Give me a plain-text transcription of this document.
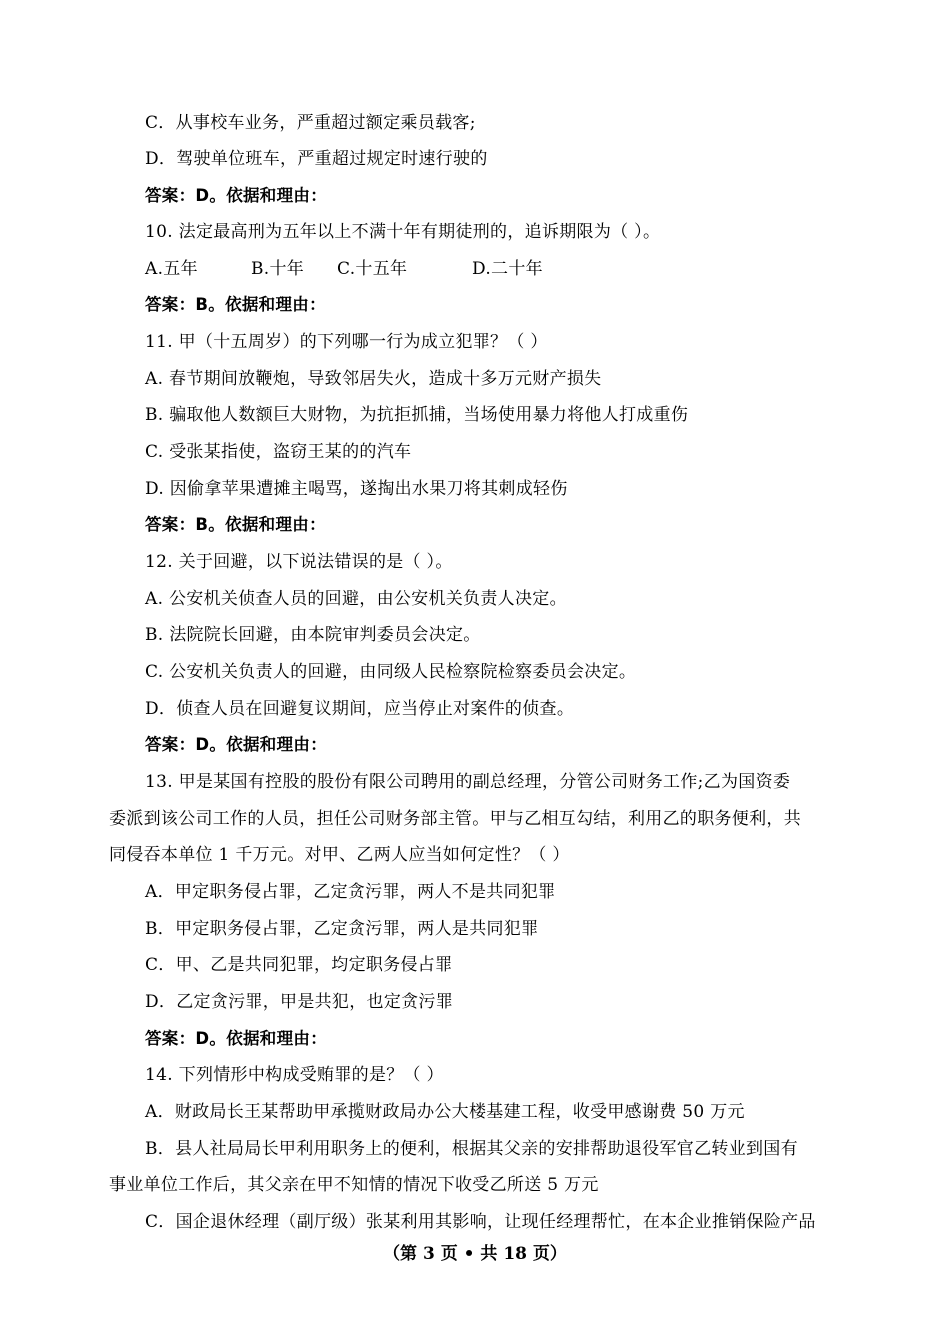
C．从事校车业务，严重超过额定乘员载客;
D．驾驶单位班车，严重超过规定时速行驶的
答案：D。依据和理由：
10. 法定最高刑为五年以上不满十年有期徒刑的，追诉期限为（ ）。
A.五年	B.十年 C.十五年	D.二十年
答案：B。依据和理由：
11. 甲（十五周岁）的下列哪一行为成立犯罪？（ ）
A. 春节期间放鞭炮，导致邻居失火，造成十多万元财产损失
B. 骗取他人数额巨大财物，为抗拒抓捕，当场使用暴力将他人打成重伤
C. 受张某指使，盗窃王某的的汽车
D. 因偷拿苹果遭摊主喝骂，遂掏出水果刀将其刺成轻伤
答案：B。依据和理由：
12. 关于回避，以下说法错误的是（ ）。
A. 公安机关侦查人员的回避，由公安机关负责人决定。
B. 法院院长回避，由本院审判委员会决定。
C. 公安机关负责人的回避，由同级人民检察院检察委员会决定。
D．侦查人员在回避复议期间，应当停止对案件的侦查。
答案：D。依据和理由：
13. 甲是某国有控股的股份有限公司聘用的副总经理，分管公司财务工作;乙为国资委
委派到该公司工作的人员，担任公司财务部主管。甲与乙相互勾结，利用乙的职务便利，共
同侵吞本单位 1 千万元。对甲、乙两人应当如何定性？（ ）
A．甲定职务侵占罪，乙定贪污罪，两人不是共同犯罪
B．甲定职务侵占罪，乙定贪污罪，两人是共同犯罪
C．甲、乙是共同犯罪，均定职务侵占罪
D．乙定贪污罪，甲是共犯，也定贪污罪
答案：D。依据和理由：
14. 下列情形中构成受贿罪的是？（ ）
A．财政局长王某帮助甲承揽财政局办公大楼基建工程，收受甲感谢费 50 万元
B．县人社局局长甲利用职务上的便利，根据其父亲的安排帮助退役军官乙转业到国有
事业单位工作后，其父亲在甲不知情的情况下收受乙所送 5 万元
C．国企退休经理（副厅级）张某利用其影响，让现任经理帮忙，在本企业推销保险产品
（第 3 页 • 共 18 页）
